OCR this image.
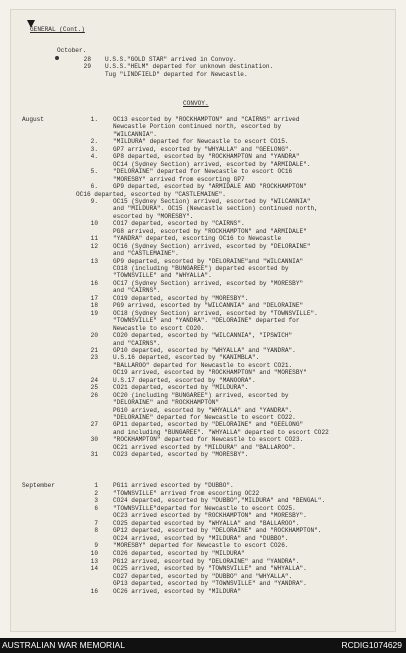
GENERAL (Cont.)
October.
28 U.S.S."GOLD STAR" arrived in Convoy.
29 U.S.S."HELM" departed for unknown destination.
Tug "LINDFIELD" departed for Newcastle.
CONVOY.
August	1. OC13 escorted by "ROCKHAMPTON" and "CAIRNS" arrived
Newcastle Portion continued north, escorted by
"WILCANNIA".
2. "MILDURA" departed for Newcastle to escort CO15.
3. GP7 arrived, escorted by "WHYALLA" and "GEELONG".
4. GP8 departed, escorted by "ROCKHAMPTON and "YANDRA"
OC14 (Sydney Section) arrived, escorted by "ARMIDALE".
5. "DELORAINE" departed for Newcastle to escort OC16
"MORESBY" arrived from escorting GP7
6. GP9 departed, escorted by "ARMIDALE AND "ROCKHAMPTON"
OC16 departed, escorted by "CASTLEMAINE".
9. OC15 (Sydney Section) arrived, escorted by "WILCANNIA"
and "MILDURA". OC15 (Newcastle section) continued north,
escorted by "MORESBY".
10 CO17 departed, escorted by "CAIRNS".
PG8 arrived, escorted by "ROCKHAMPTON" and "ARMIDALE"
11 "YANDRA" departed, escorting OC16 to Newcastle
12 OC16 (Sydney Section) arrived, escorted by "DELORAINE"
and "CASTLEMAINE".
13 GP9 departed, escorted by "DELORAINE"and "WILCANNIA"
CO18 (including "BUNGAREE") departed escorted by
"TOWNSVILLE" and "WHYALLA".
16 OC17 (Sydney Section) arrived, escorted by "MORESBY"
and "CAIRNS".
17 CO19 departed, escorted by "MORESBY".
18 PG9 arrived, escorted by "WILCANNIA" and "DELORAINE"
19 OC18 (Sydney Section) arrived, escorted by "TOWNSVILLE".
"TOWNSVILLE" and "YANDRA". "DELORAINE" departed for
Newcastle to escort CO20.
20 CO20 departed, escorted by "WILCANNIA", "IPSWICH"
and "CAIRNS".
21 GP10 departed, escorted by "WHYALLA" and "YANDRA".
23 U.S.16 departed, escorted by "KANIMBLA".
"BALLAROO" departed for Newcastle to escort CO21.
OC19 arrived, escorted by "ROCKHAMPTON" and "MORESBY"
24 U.S.17 departed, escorted by "MANOORA".
25 CO21 departed, escorted by "MILDURA".
26 OC20 (including "BUNGAREE") arrived, escorted by
"DELORAINE" and "ROCKHAMPTON"
PG10 arrived, escorted by "WHYALLA" and "YANDRA".
"DELORAINE" departed for Newcastle to escort CO22.
27 GP11 departed, escorted by "DELORAINE" and "GEELONG"
and including "BUNGAREE". "WHYALLA" departed to escort CO22
30 "ROCKHAMPTON" departed for Newcastle to escort CO23.
OC21 arrived escorted by "MILDURA" and "BALLAROO".
31 CO23 departed, escorted by "MORESBY".
September	1 PG11 arrived escorted by "DUBBO".
2 "TOWNSVILLE" arrived from escorting OC22
3 CO24 departed, escorted by "DUBBO","MILDURA" and "BENGAL".
6 "TOWNSVILLE"departed for Newcastle to escort CO25.
OC23 arrived escorted by "ROCKHAMPTON" and "MORESBY".
7 CO25 departed escorted by "WHYALLA" and "BALLAROO".
8 GP12 departed, escorted by "DELORAINE" and "ROCKHAMPTON".
OC24 arrived, escorted by "MILDURA" and "DUBBO".
9 "MORESBY" departed for Newcastle to escort CO26.
10 CO26 departed, escorted by "MILDURA"
13 PG12 arrived, escorted by "DELORAINE" and "YANDRA".
14 OC25 arrived, escorted by "TOWNSVILLE" and "WHYALLA".
CO27 departed, escorted by "DUBBO" and "WHYALLA".
GP13 departed, escorted by "TOWNSVILLE" and "YANDRA".
16 OC26 arrived, escorted by "MILDURA"
AUSTRALIAN WAR MEMORIAL	RCDIG1074629
